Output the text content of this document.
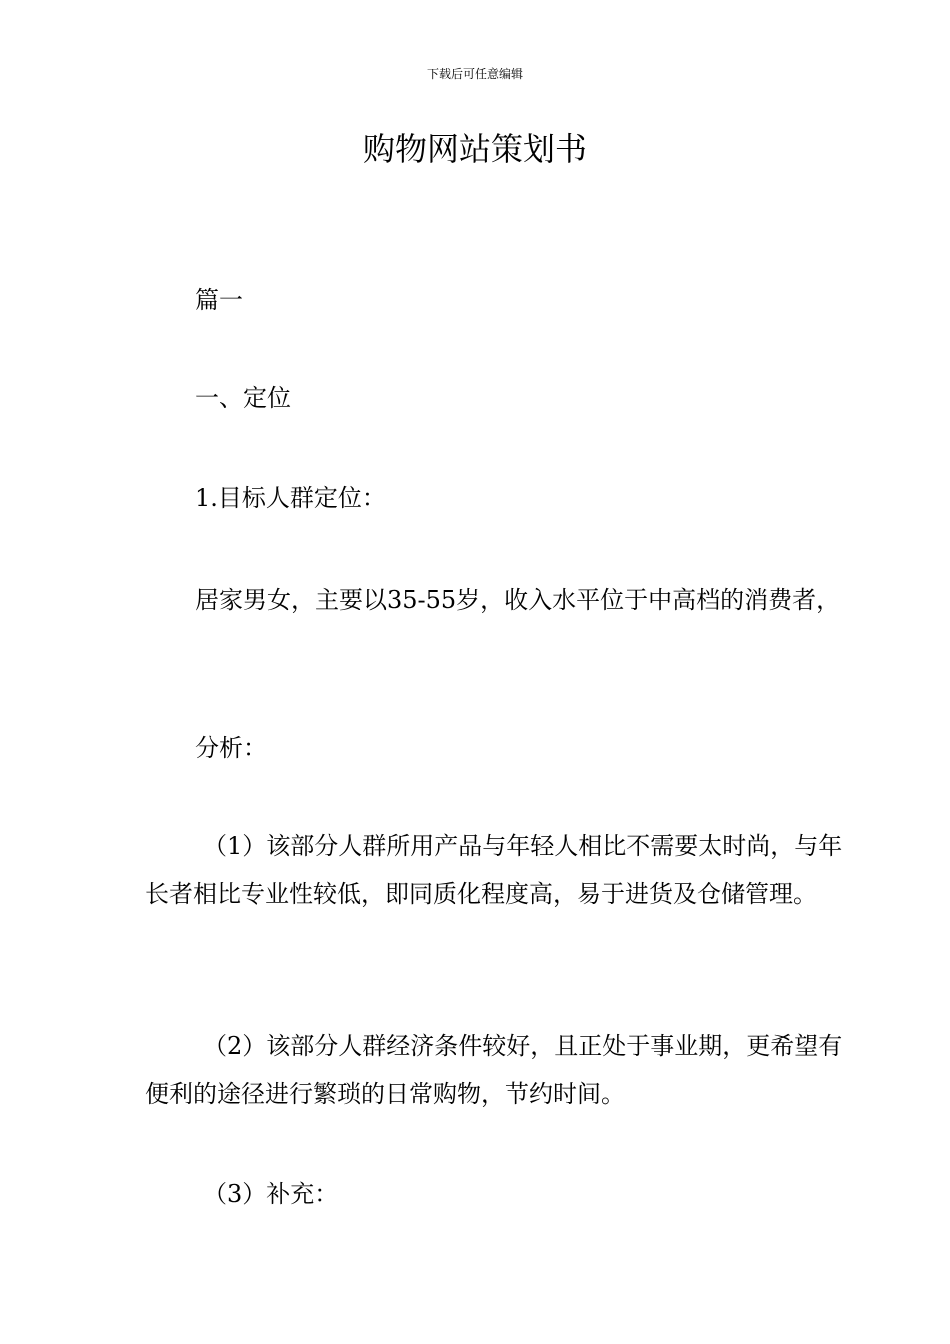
下载后可任意编辑
购物网站策划书

篇一

一、定位

1.目标人群定位：

居家男女，主要以35-55岁，收入水平位于中高档的消费者，

分析：

（1）该部分人群所用产品与年轻人相比不需要太时尚，与年长者相比专业性较低，即同质化程度高，易于进货及仓储管理。

（2）该部分人群经济条件较好，且正处于事业期，更希望有便利的途径进行繁琐的日常购物，节约时间。

（3）补充：
